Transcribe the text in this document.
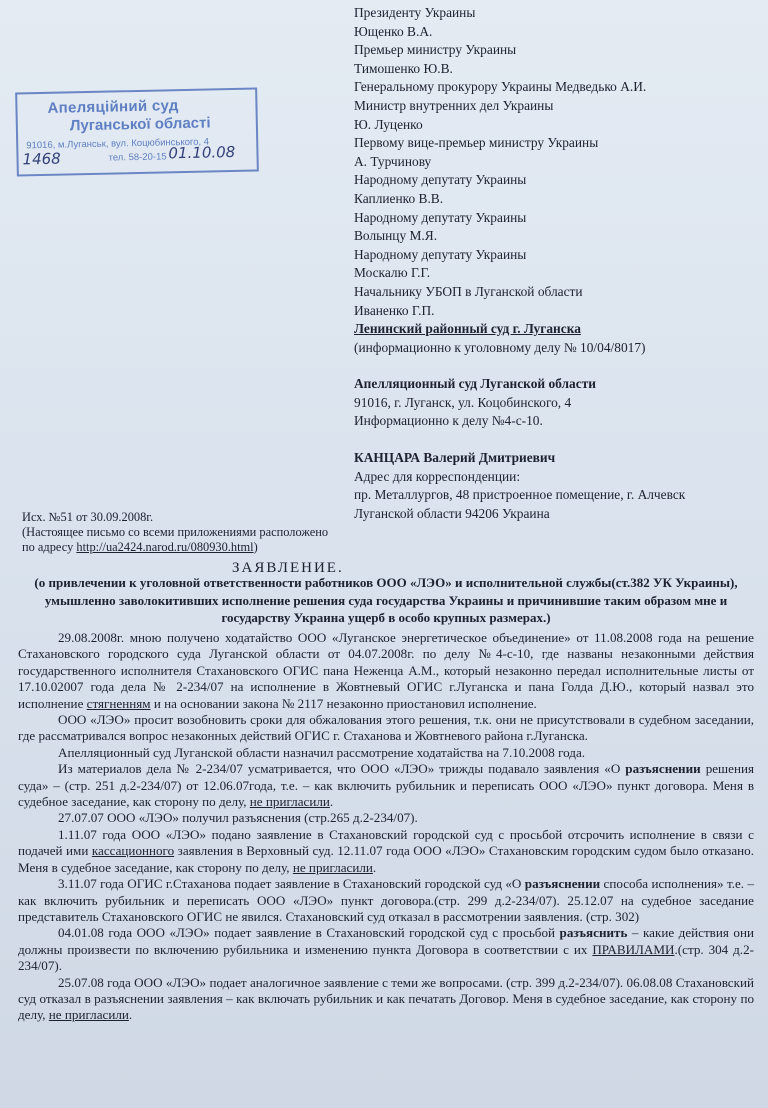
Президенту Украины
Ющенко В.А.
Премьер министру Украины
Тимошенко Ю.В.
Генеральному прокурору Украины Медведько А.И.
Министр внутренних дел Украины
Ю. Луценко
Первому вице-премьер министру Украины
А. Турчинову
Народному депутату Украины
Каплиенко В.В.
Народному депутату Украины
Волынцу М.Я.
Народному депутату Украины
Москалю Г.Г.
Начальнику УБОП в Луганской области
Иваненко Г.П.
Ленинский районный суд г. Луганска
(информационно к уголовному делу № 10/04/8017)
Апелляционный суд Луганской области
91016, г. Луганск, ул. Коцобинского, 4
Информационно к делу №4-с-10.
КАНЦАРА Валерий Дмитриевич
Адрес для корреспонденции:
пр. Металлургов, 48 пристроенное помещение, г. Алчевск
Луганской области 94206 Украина
Апеляційний суд
Луганської області
91016, м.Луганськ, вул. Коцюбинського, 4
тел. 58-20-15
1468	01.10.08
Исх. №51 от 30.09.2008г.
(Настоящее письмо со всеми приложениями расположено
по адресу http://ua2424.narod.ru/080930.html)
ЗАЯВЛЕНИЕ.
(о привлечении к уголовной ответственности работников ООО «ЛЭО» и исполнительной службы(ст.382 УК Украины), умышленно заволокитивших исполнение решения суда государства Украины и причинившие таким образом мне и государству Украина ущерб в особо крупных размерах.)

29.08.2008г. мною получено ходатайство ООО «Луганское энергетическое объединение» от 11.08.2008 года на решение Стахановского городского суда Луганской области от 04.07.2008г. по делу №4-с-10, где названы незаконными действия государственного исполнителя Стахановского ОГИС пана Неженца А.М., который незаконно передал исполнительные листы от 17.10.02007 года дела № 2-234/07 на исполнение в Жовтневый ОГИС г.Луганска и пана Голда Д.Ю., который назвал это исполнение стягненням и на основании закона № 2117 незаконно приостановил исполнение.

ООО «ЛЭО» просит возобновить сроки для обжалования этого решения, т.к. они не присутствовали в судебном заседании, где рассматривался вопрос незаконных действий ОГИС г. Стаханова и Жовтневого района г.Луганска.

Апелляционный суд Луганской области назначил рассмотрение ходатайства на 7.10.2008 года.

Из материалов дела № 2-234/07 усматривается, что ООО «ЛЭО» трижды подавало заявления «О разъяснении решения суда» – (стр. 251 д.2-234/07) от 12.06.07года, т.е. – как включить рубильник и переписать ООО «ЛЭО» пункт договора. Меня в судебное заседание, как сторону по делу, не пригласили.

27.07.07 ООО «ЛЭО» получил разъяснения (стр.265 д.2-234/07).

1.11.07 года ООО «ЛЭО» подано заявление в Стахановский городской суд с просьбой отсрочить исполнение в связи с подачей ими кассационного заявления в Верховный суд. 12.11.07 года ООО «ЛЭО» Стахановским городским судом было отказано. Меня в судебное заседание, как сторону по делу, не пригласили.

3.11.07 года ОГИС г.Стаханова подает заявление в Стахановский городской суд «О разъяснении способа исполнения» т.е. – как включить рубильник и переписать ООО «ЛЭО» пункт договора.(стр. 299 д.2-234/07). 25.12.07 на судебное заседание представитель Стахановского ОГИС не явился. Стахановский суд отказал в рассмотрении заявления. (стр. 302)

04.01.08 года ООО «ЛЭО» подает заявление в Стахановский городской суд с просьбой разъяснить – какие действия они должны произвести по включению рубильника и изменению пункта Договора в соответствии с их ПРАВИЛАМИ.(стр. 304 д.2-234/07).

25.07.08 года ООО «ЛЭО» подает аналогичное заявление с теми же вопросами. (стр. 399 д.2-234/07). 06.08.08 Стахановский суд отказал в разъяснении заявления – как включать рубильник и как печатать Договор. Меня в судебное заседание, как сторону по делу, не пригласили.
